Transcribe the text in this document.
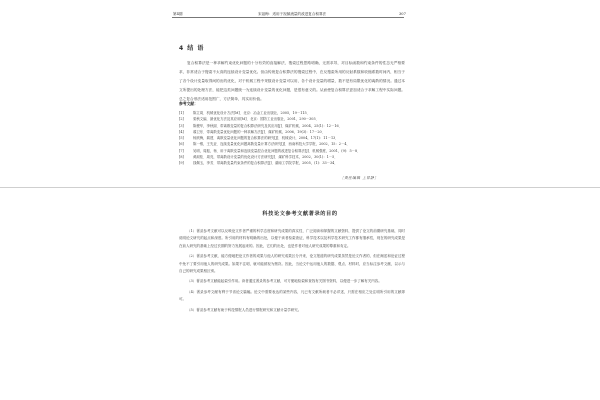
第4期	宋祖梅：适用于视频流量的改进复合积算法	307
4 结 语
复合积算法是一种求解约束优化问题的十分有效的直接解法，搜索过程思路明确，无需求导，对目标函数和约束条件的性态无严格要求，非常适合于搜索不太高的连续设计变量优化。但由传统复合积算法的搜索过程中，在反搜索所用的反射系数和收缩系数时间内，相当于了各个设计变量取得间的出的优化，对于机械工程中采数设计变量可以用，各个设计变量的增量，数不是有局限优化的离散的情况。通过本文所提出的处理方法，能把这类问题统一为连续设计变量的优化问题，是很有意义的。从而使复合积算法更加适合于求解工程中实际问题。总之复合形法适用范围广，方法简单，具实用价值。
参考文献：
[1]	陈立周．机械优化设计方法[M]．北京：冶金工业出版社，2005，19－115．
[2]	梁秋文编．最优化方法及其应用[M]．北京：国防工业出版社，2001，290－305．
[3]	陈俊华，李秋丽．带离散变量的复合积算法研究及其应用[J]．煤矿机械，2004，25(1)：12－16．
[4]	翁卫东．带离散变量优化问题的一种求解方法[J]．煤矿机械，2006，19(3)：17－20．
[5]	杨跃梅，翁建．离散变量优化问题的复合积算法的研究[J]．机械设计，2004，17(1)：11－13．
[6]	陈一维，王先亚．连续变量优化问题离散变量计算方法研究[J]．西南科技大学学报，2002，15：2－4．
[7]	吴明，周振，杨．用于离散变量和连续变量混合优化问题的改进复合积算法[J]．机械强度，2001，(9)：5－8．
[8]	黄淑桂．周亮，带离散设计变量的优化设计方法研究[J]．煤矿科学技术，2002，30(1)：1－5．
[9]	钱佩玉，李芳．带离散变量约束条件的复合积算法[J]．湖南工学院学报，2005，(1)：33－34．
［责任编辑 王祥静］
科技论文参考文献著录的目的

（1）著录参考文献可以反映论文作者严谨的科学态度和研究成果的真实性，广泛阅读和掌握的文献资料，提供了论文的前期研究基础，同时说明论文研究的起点和深度。所引用的材料有明确的出处，以便于读者检索查证，科学技术以及科学技术研究工作都有继承性，现在的研究成果是在前人研究的基础上经过长期的努力发展起来的。因此，它们的出处，也是作者对他人研究成果的尊重和肯定。

（2）著录参考文献，能方便地把论文作者的成果与他人的研究成果区分开来，论文报道的研究成果虽然是论文作者的，但在阐述和论证过程中免不了要引用他人的研究成果。如果不注明，就可能被视为剽窃。因此，当论文中运用他人的数据、观点、材料时，应当标注参考文献，以示与自己的研究成果相区别。

（3）著录参考文献能起索引作用。读者通过著录的参考文献，可方便地检索和查找有关图书资料，以便进一步了解有关内容。

（4）著录参考文献有利于节省论文篇幅。论文中需要表达的某些内容，凡已有文献所载者不必详述，只需在相应之处注明所引用的文献即可。

（5）著录参考文献有助于科技情报人员进行情报研究和文献计量学研究。
